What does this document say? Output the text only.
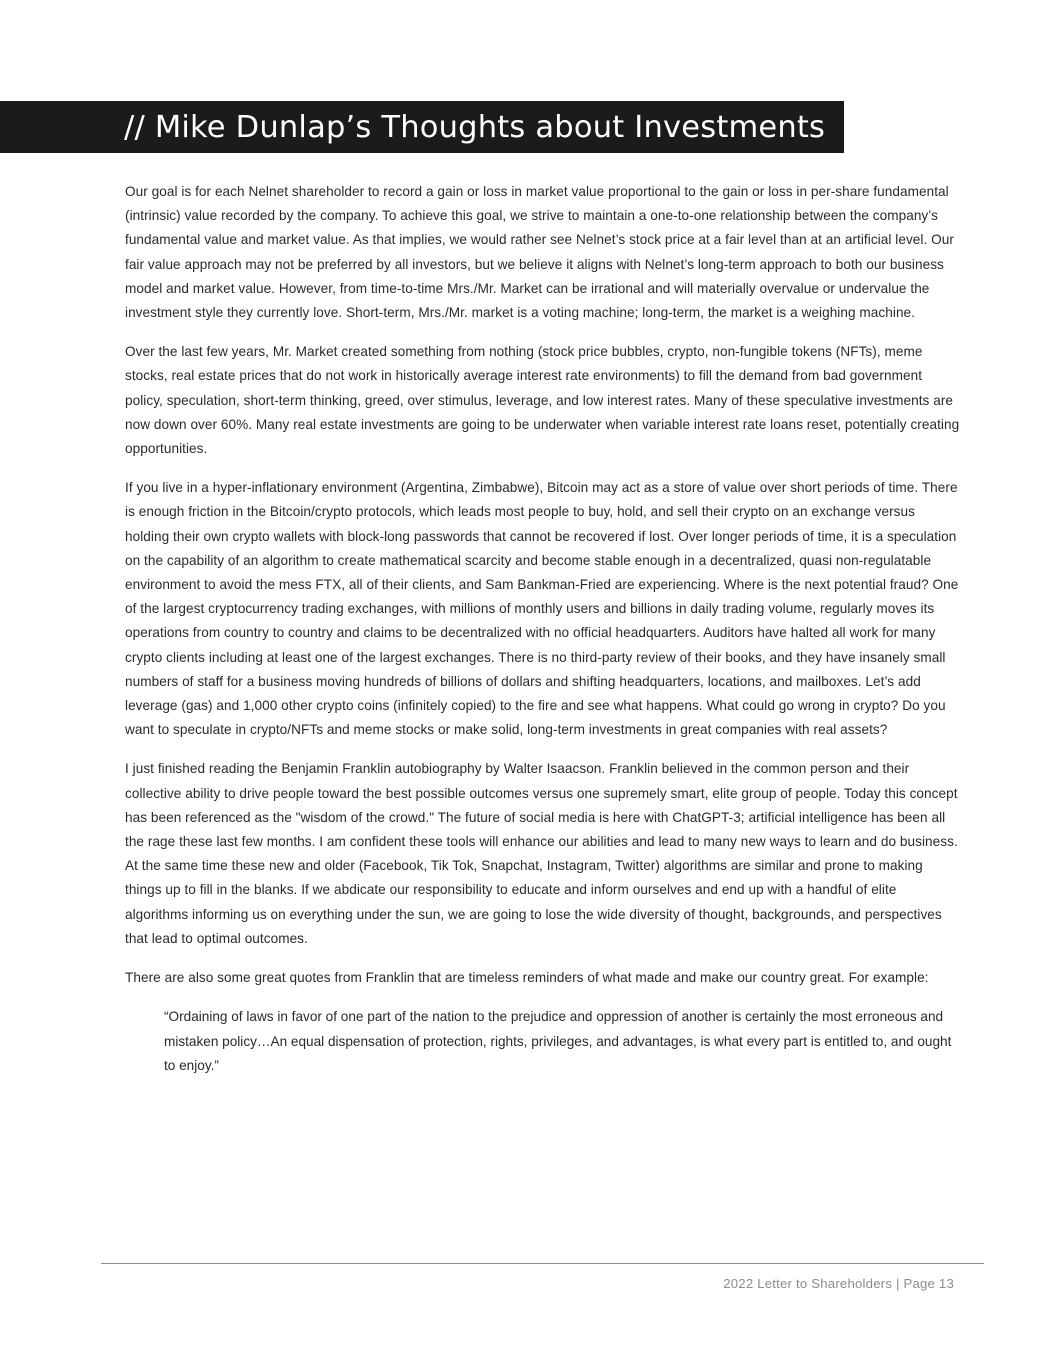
// Mike Dunlap’s Thoughts about Investments

Our goal is for each Nelnet shareholder to record a gain or loss in market value proportional to the gain or loss in per-share fundamental (intrinsic) value recorded by the company. To achieve this goal, we strive to maintain a one-to-one relationship between the company’s fundamental value and market value. As that implies, we would rather see Nelnet’s stock price at a fair level than at an artificial level. Our fair value approach may not be preferred by all investors, but we believe it aligns with Nelnet’s long-term approach to both our business model and market value. However, from time-to-time Mrs./Mr. Market can be irrational and will materially overvalue or undervalue the investment style they currently love. Short-term, Mrs./Mr. market is a voting machine; long-term, the market is a weighing machine.

Over the last few years, Mr. Market created something from nothing (stock price bubbles, crypto, non-fungible tokens (NFTs), meme stocks, real estate prices that do not work in historically average interest rate environments) to fill the demand from bad government policy, speculation, short-term thinking, greed, over stimulus, leverage, and low interest rates. Many of these speculative investments are now down over 60%. Many real estate investments are going to be underwater when variable interest rate loans reset, potentially creating opportunities.

If you live in a hyper-inflationary environment (Argentina, Zimbabwe), Bitcoin may act as a store of value over short periods of time. There is enough friction in the Bitcoin/crypto protocols, which leads most people to buy, hold, and sell their crypto on an exchange versus holding their own crypto wallets with block-long passwords that cannot be recovered if lost. Over longer periods of time, it is a speculation on the capability of an algorithm to create mathematical scarcity and become stable enough in a decentralized, quasi non-regulatable environment to avoid the mess FTX, all of their clients, and Sam Bankman-Fried are experiencing. Where is the next potential fraud? One of the largest cryptocurrency trading exchanges, with millions of monthly users and billions in daily trading volume, regularly moves its operations from country to country and claims to be decentralized with no official headquarters. Auditors have halted all work for many crypto clients including at least one of the largest exchanges. There is no third-party review of their books, and they have insanely small numbers of staff for a business moving hundreds of billions of dollars and shifting headquarters, locations, and mailboxes. Let’s add leverage (gas) and 1,000 other crypto coins (infinitely copied) to the fire and see what happens. What could go wrong in crypto? Do you want to speculate in crypto/NFTs and meme stocks or make solid, long-term investments in great companies with real assets?

I just finished reading the Benjamin Franklin autobiography by Walter Isaacson. Franklin believed in the common person and their collective ability to drive people toward the best possible outcomes versus one supremely smart, elite group of people. Today this concept has been referenced as the "wisdom of the crowd." The future of social media is here with ChatGPT-3; artificial intelligence has been all the rage these last few months. I am confident these tools will enhance our abilities and lead to many new ways to learn and do business. At the same time these new and older (Facebook, Tik Tok, Snapchat, Instagram, Twitter) algorithms are similar and prone to making things up to fill in the blanks. If we abdicate our responsibility to educate and inform ourselves and end up with a handful of elite algorithms informing us on everything under the sun, we are going to lose the wide diversity of thought, backgrounds, and perspectives that lead to optimal outcomes.

There are also some great quotes from Franklin that are timeless reminders of what made and make our country great. For example:

“Ordaining of laws in favor of one part of the nation to the prejudice and oppression of another is certainly the most erroneous and mistaken policy…An equal dispensation of protection, rights, privileges, and advantages, is what every part is entitled to, and ought to enjoy.”

2022 Letter to Shareholders | Page 13
